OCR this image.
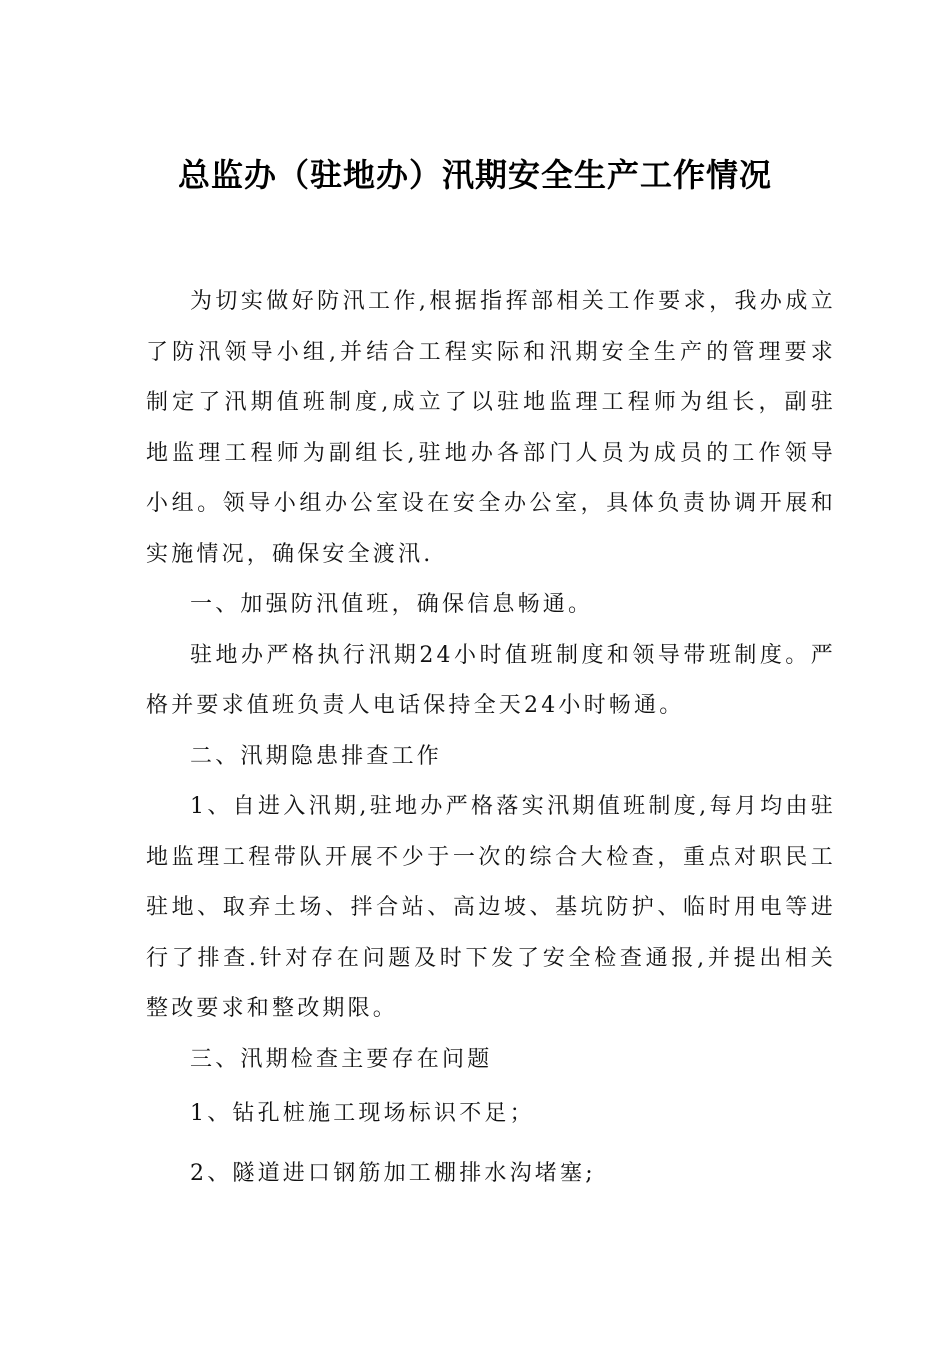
总监办（驻地办）汛期安全生产工作情况

为切实做好防汛工作,根据指挥部相关工作要求，我办成立了防汛领导小组,并结合工程实际和汛期安全生产的管理要求制定了汛期值班制度,成立了以驻地监理工程师为组长，副驻地监理工程师为副组长,驻地办各部门人员为成员的工作领导小组。领导小组办公室设在安全办公室，具体负责协调开展和实施情况，确保安全渡汛.

一、加强防汛值班，确保信息畅通。

驻地办严格执行汛期24小时值班制度和领导带班制度。严格并要求值班负责人电话保持全天24小时畅通。

二、汛期隐患排查工作

1、自进入汛期,驻地办严格落实汛期值班制度,每月均由驻地监理工程带队开展不少于一次的综合大检查，重点对职民工驻地、取弃土场、拌合站、高边坡、基坑防护、临时用电等进行了排查.针对存在问题及时下发了安全检查通报,并提出相关整改要求和整改期限。

三、汛期检查主要存在问题

1、钻孔桩施工现场标识不足；

2、隧道进口钢筋加工棚排水沟堵塞;
